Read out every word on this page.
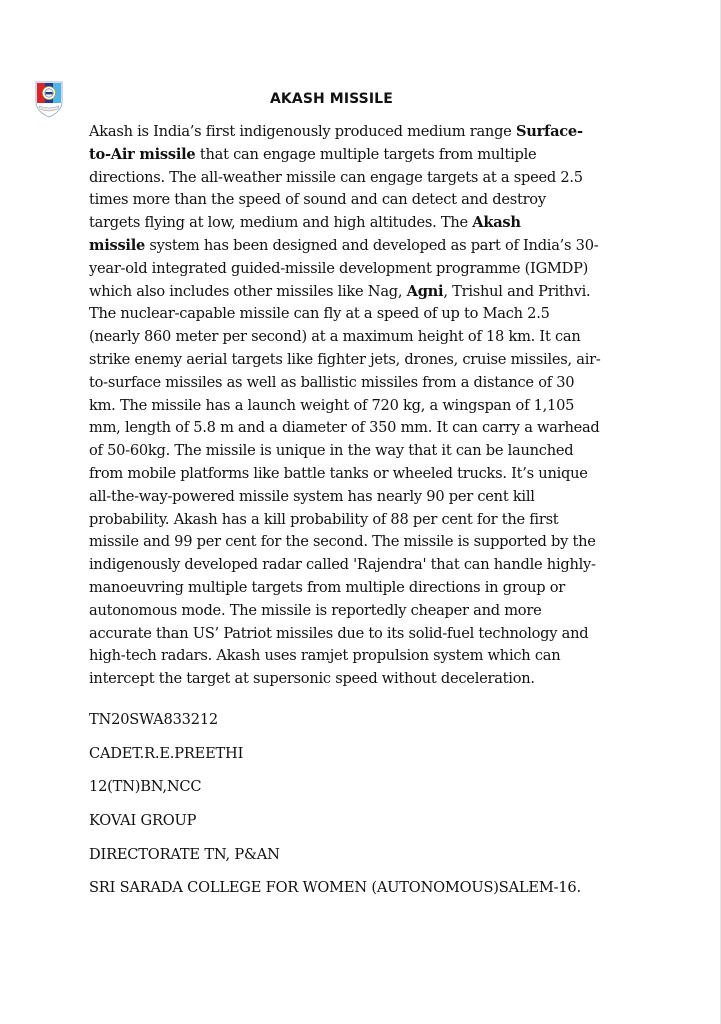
AKASH MISSILE
Akash is India’s first indigenously produced medium range Surface-
to-Air missile that can engage multiple targets from multiple
directions. The all-weather missile can engage targets at a speed 2.5
times more than the speed of sound and can detect and destroy
targets flying at low, medium and high altitudes. The Akash
missile system has been designed and developed as part of India’s 30-
year-old integrated guided-missile development programme (IGMDP)
which also includes other missiles like Nag, Agni, Trishul and Prithvi.
The nuclear-capable missile can fly at a speed of up to Mach 2.5
(nearly 860 meter per second) at a maximum height of 18 km. It can
strike enemy aerial targets like fighter jets, drones, cruise missiles, air-
to-surface missiles as well as ballistic missiles from a distance of 30
km. The missile has a launch weight of 720 kg, a wingspan of 1,105
mm, length of 5.8 m and a diameter of 350 mm. It can carry a warhead
of 50-60kg. The missile is unique in the way that it can be launched
from mobile platforms like battle tanks or wheeled trucks. It’s unique
all-the-way-powered missile system has nearly 90 per cent kill
probability. Akash has a kill probability of 88 per cent for the first
missile and 99 per cent for the second. The missile is supported by the
indigenously developed radar called 'Rajendra' that can handle highly-
manoeuvring multiple targets from multiple directions in group or
autonomous mode. The missile is reportedly cheaper and more
accurate than US’ Patriot missiles due to its solid-fuel technology and
high-tech radars. Akash uses ramjet propulsion system which can
intercept the target at supersonic speed without deceleration.
TN20SWA833212
CADET.R.E.PREETHI
12(TN)BN,NCC
KOVAI GROUP
DIRECTORATE TN, P&AN
SRI SARADA COLLEGE FOR WOMEN (AUTONOMOUS)SALEM-16.
